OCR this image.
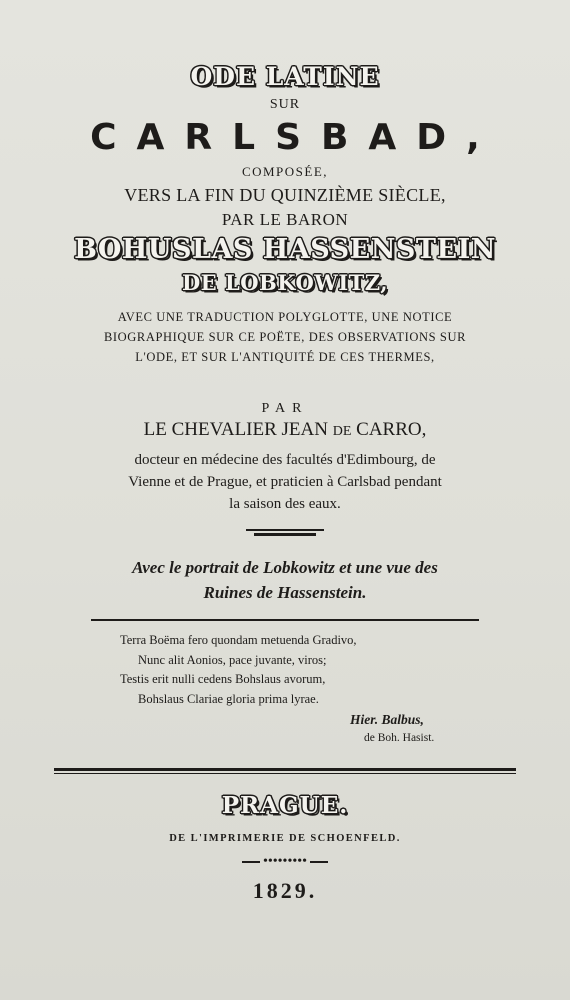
ODE LATINE
SUR
CARLSBAD,
COMPOSÉE,
VERS LA FIN DU QUINZIÈME SIÈCLE,
PAR LE BARON
BOHUSLAS HASSENSTEIN
DE LOBKOWITZ,
AVEC UNE TRADUCTION POLYGLOTTE, UNE NOTICE
BIOGRAPHIQUE SUR CE POËTE, DES OBSERVATIONS SUR
L'ODE, ET SUR L'ANTIQUITÉ DE CES THERMES,
PAR
LE CHEVALIER JEAN DE CARRO,
docteur en médecine des facultés d'Edimbourg, de
Vienne et de Prague, et praticien à Carlsbad pendant
la saison des eaux.
Avec le portrait de Lobkowitz et une vue des
Ruines de Hassenstein.
Terra Boëma fero quondam metuenda Gradivo,
Nunc alit Aonios, pace juvante, viros;
Testis erit nulli cedens Bohslaus avorum,
Bohslaus Clariae gloria prima lyrae.
Hier. Balbus,
de Boh. Hasist.
PRAGUE.
DE L'IMPRIMERIE DE SCHOENFELD.
•••••••••
1829.
